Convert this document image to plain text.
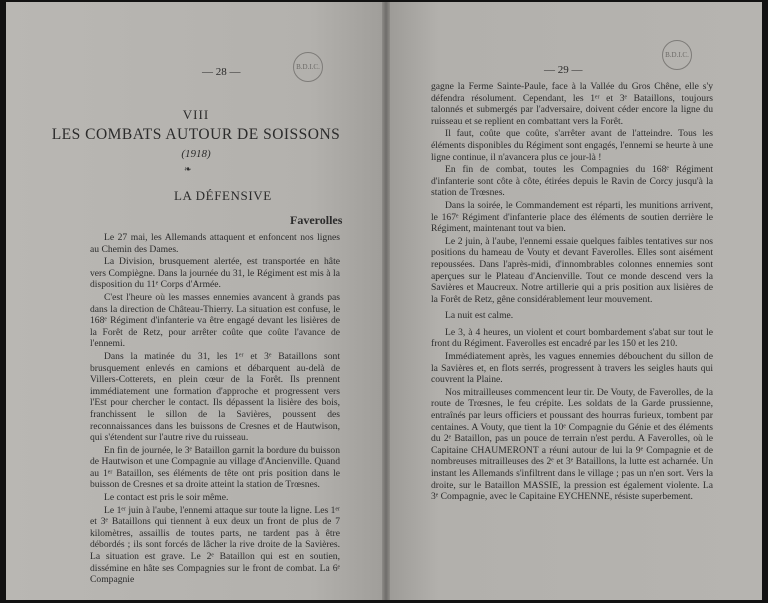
— 28 —	B.D.I.C.
VIII
LES COMBATS AUTOUR DE SOISSONS
(1918)
❧
LA DÉFENSIVE
Faverolles

Le 27 mai, les Allemands attaquent et enfoncent nos lignes au Chemin des Dames.

La Division, brusquement alertée, est transportée en hâte vers Compiègne. Dans la journée du 31, le Régiment est mis à la disposition du 11ᵉ Corps d'Armée.

C'est l'heure où les masses ennemies avancent à grands pas dans la direction de Château-Thierry. La situation est confuse, le 168ᵉ Régiment d'infanterie va être engagé devant les lisières de la Forêt de Retz, pour arrêter coûte que coûte l'avance de l'ennemi.

Dans la matinée du 31, les 1ᵉʳ et 3ᵉ Bataillons sont brusquement enlevés en camions et débarquent au-delà de Villers-Cotterets, en plein cœur de la Forêt. Ils prennent immédiatement une formation d'approche et progressent vers l'Est pour chercher le contact. Ils dépassent la lisière des bois, franchissent le sillon de la Savières, poussent des reconnaissances dans les buissons de Cresnes et de Hautwison, qui s'étendent sur l'autre rive du ruisseau.

En fin de journée, le 3ᵉ Bataillon garnit la bordure du buisson de Hautwison et une Compagnie au village d'Ancienville. Quand au 1ᵉʳ Bataillon, ses éléments de tête ont pris position dans le buisson de Cresnes et sa droite atteint la station de Trœsnes.

Le contact est pris le soir même.

Le 1ᵉʳ juin à l'aube, l'ennemi attaque sur toute la ligne. Les 1ᵉʳ et 3ᵉ Bataillons qui tiennent à eux deux un front de plus de 7 kilomètres, assaillis de toutes parts, ne tardent pas à être débordés ; ils sont forcés de lâcher la rive droite de la Savières. La situation est grave. Le 2ᵉ Bataillon qui est en soutien, dissémine en hâte ses Compagnies sur le front de combat. La 6ᵉ Compagnie

— 29 —
B.D.I.C.

gagne la Ferme Sainte-Paule, face à la Vallée du Gros Chêne, elle s'y défendra résolument. Cependant, les 1ᵉʳ et 3ᵉ Bataillons, toujours talonnés et submergés par l'adversaire, doivent céder encore la ligne du ruisseau et se replient en combattant vers la Forêt.

Il faut, coûte que coûte, s'arrêter avant de l'atteindre. Tous les éléments disponibles du Régiment sont engagés, l'ennemi se heurte à une ligne continue, il n'avancera plus ce jour-là !

En fin de combat, toutes les Compagnies du 168ᵉ Régiment d'infanterie sont côte à côte, étirées depuis le Ravin de Corcy jusqu'à la station de Trœsnes.

Dans la soirée, le Commandement est réparti, les munitions arrivent, le 167ᵉ Régiment d'infanterie place des éléments de soutien derrière le Régiment, maintenant tout va bien.

Le 2 juin, à l'aube, l'ennemi essaie quelques faibles tentatives sur nos positions du hameau de Vouty et devant Faverolles. Elles sont aisément repoussées. Dans l'après-midi, d'innombrables colonnes ennemies sont aperçues sur le Plateau d'Ancienville. Tout ce monde descend vers la Savières et Maucreux. Notre artillerie qui a pris position aux lisières de la Forêt de Retz, gêne considérablement leur mouvement.

La nuit est calme.

Le 3, à 4 heures, un violent et court bombardement s'abat sur tout le front du Régiment. Faverolles est encadré par les 150 et les 210.

Immédiatement après, les vagues ennemies débouchent du sillon de la Savières et, en flots serrés, progressent à travers les seigles hauts qui couvrent la Plaine.

Nos mitrailleuses commencent leur tir. De Vouty, de Faverolles, de la route de Trœsnes, le feu crépite. Les soldats de la Garde prussienne, entraînés par leurs officiers et poussant des hourras furieux, tombent par centaines. A Vouty, que tient la 10ᵉ Compagnie du Génie et des éléments du 2ᵉ Bataillon, pas un pouce de terrain n'est perdu. A Faverolles, où le Capitaine CHAUMERONT a réuni autour de lui la 9ᵉ Compagnie et de nombreuses mitrailleuses des 2ᵉ et 3ᵉ Bataillons, la lutte est acharnée. Un instant les Allemands s'infiltrent dans le village ; pas un n'en sort. Vers la droite, sur le Bataillon MASSIE, la pression est également violente. La 3ᵉ Compagnie, avec le Capitaine EYCHENNE, résiste superbement.
